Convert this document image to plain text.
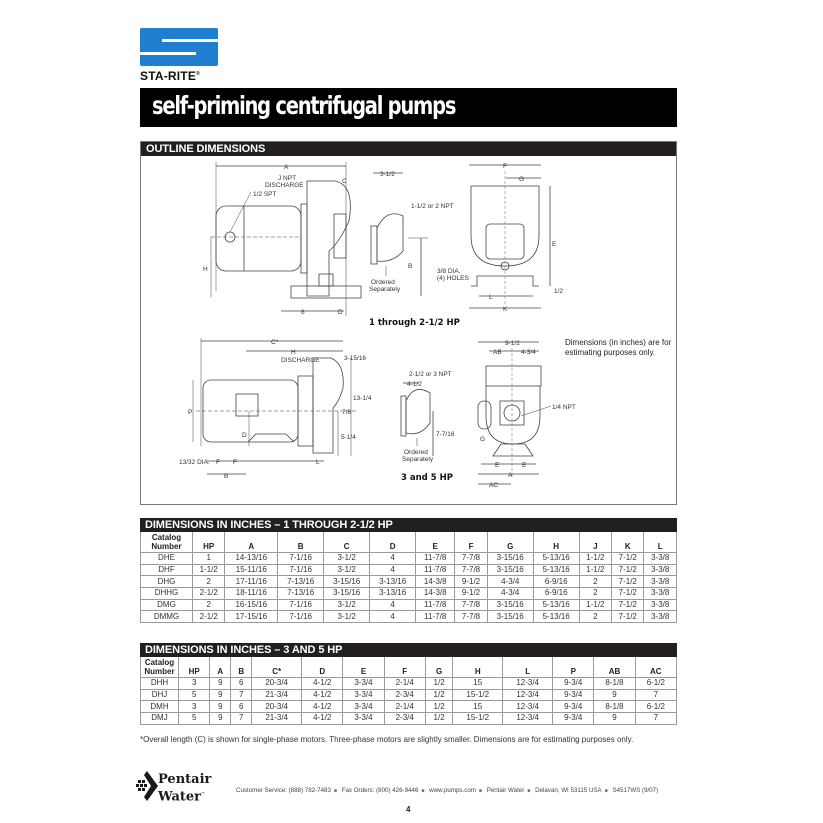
STA-RITE®
self-priming centrifugal pumps
OUTLINE DIMENSIONS
A
C
J NPT
DISCHARGE
1/2 SPT
H
6	D
3-1/2
1-1/2 or 2 NPT
B
Ordered
Separately
F
G
E
3/8 DIA.
(4) HOLES
L
K
1/2
1 through 2-1/2 HP
C*
H
DISCHARGE	3-15/16
P
13-1/4
7/8
D	5-1/4
13/32 DIA. F F	L
B
2-1/2 or 3 NPT
4-1/2
7-7/16
Ordered
Separately
3 and 5 HP
9-1/2
AB	4-3/4
1/4 NPT
G
E	E
A
AC
Dimensions (in inches) are for estimating purposes only.
DIMENSIONS IN INCHES – 1 THROUGH 2-1/2 HP
Catalog
Number	HP	A	B	C	D	E	F	G	H	J	K	L
DHE	1	14-13/16	7-1/16	3-1/2	4	11-7/8	7-7/8	3-15/16	5-13/16	1-1/2	7-1/2	3-3/8
DHF	1-1/2	15-11/16	7-1/16	3-1/2	4	11-7/8	7-7/8	3-15/16	5-13/16	1-1/2	7-1/2	3-3/8
DHG	2	17-11/16	7-13/16	3-15/16	3-13/16	14-3/8	9-1/2	4-3/4	6-9/16	2	7-1/2	3-3/8
DHHG	2-1/2	18-11/16	7-13/16	3-15/16	3-13/16	14-3/8	9-1/2	4-3/4	6-9/16	2	7-1/2	3-3/8
DMG	2	16-15/16	7-1/16	3-1/2	4	11-7/8	7-7/8	3-15/16	5-13/16	1-1/2	7-1/2	3-3/8
DMMG	2-1/2	17-15/16	7-1/16	3-1/2	4	11-7/8	7-7/8	3-15/16	5-13/16	2	7-1/2	3-3/8
DIMENSIONS IN INCHES – 3 AND 5 HP
Catalog
Number	HP	A	B	C*	D	E	F	G	H	L	P	AB	AC
DHH	3	9	6	20-3/4	4-1/2	3-3/4	2-1/4	1/2	15	12-3/4	9-3/4	8-1/8	6-1/2
DHJ	5	9	7	21-3/4	4-1/2	3-3/4	2-3/4	1/2	15-1/2	12-3/4	9-3/4	9	7
DMH	3	9	6	20-3/4	4-1/2	3-3/4	2-1/4	1/2	15	12-3/4	9-3/4	8-1/8	6-1/2
DMJ	5	9	7	21-3/4	4-1/2	3-3/4	2-3/4	1/2	15-1/2	12-3/4	9-3/4	9	7
*Overall length (C) is shown for single-phase motors. Three-phase motors are slightly smaller. Dimensions are for estimating purposes only.
Pentair
Water™	Customer Service: (888) 782-7483 ■ Fax Orders: (800) 426-9446 ■ www.pumps.com ■ Pentair Water ■ Delavan, WI 53115 USA ■ S4517WS (9/07)
4
